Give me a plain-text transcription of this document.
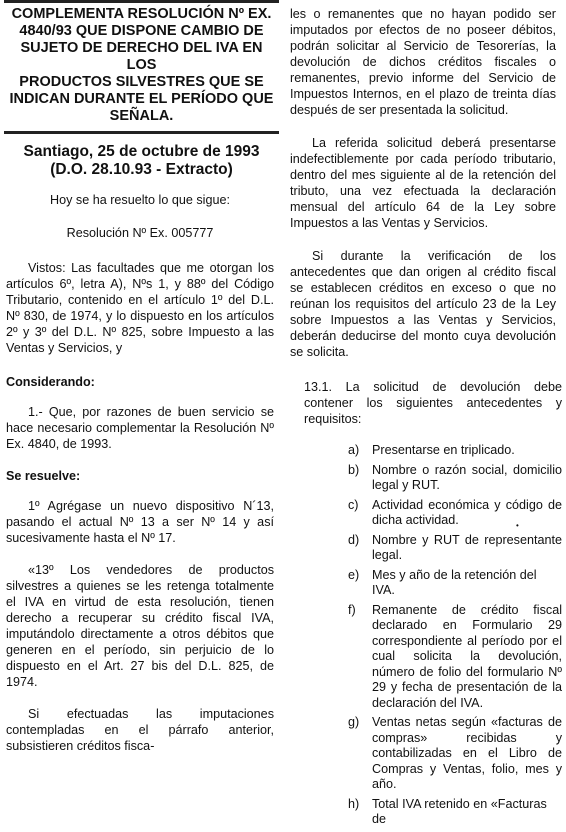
COMPLEMENTA RESOLUCIÓN Nº EX.
4840/93 QUE DISPONE CAMBIO DE
SUJETO DE DERECHO DEL IVA EN LOS
PRODUCTOS SILVESTRES QUE SE
INDICAN DURANTE EL PERÍODO QUE
SEÑALA.
Santiago, 25 de octubre de 1993
(D.O. 28.10.93 - Extracto)

Hoy se ha resuelto lo que sigue:

Resolución Nº Ex. 005777

Vistos: Las facultades que me otorgan los artículos 6º, letra A), Nºs 1, y 88º del Código Tributario, contenido en el artículo 1º del D.L. Nº 830, de 1974, y lo dispuesto en los artículos 2º y 3º del D.L. Nº 825, sobre Impuesto a las Ventas y Servicios, y

Considerando:

1.- Que, por razones de buen servicio se hace necesario complementar la Resolución Nº Ex. 4840, de 1993.

Se resuelve:

1º Agrégase un nuevo dispositivo N´13, pasando el actual Nº 13 a ser Nº 14 y así sucesivamente hasta el Nº 17.

«13º Los vendedores de productos silvestres a quienes se les retenga totalmente el IVA en virtud de esta resolución, tienen derecho a recuperar su crédito fiscal IVA, imputándolo directamente a otros débitos que generen en el período, sin perjuicio de lo dispuesto en el Art. 27 bis del D.L. 825, de 1974.

Si efectuadas las imputaciones contempladas en el párrafo anterior, subsistieren créditos fisca-

les o remanentes que no hayan podido ser imputados por efectos de no poseer débitos, podrán solicitar al Servicio de Tesorerías, la devolución de dichos créditos fiscales o remanentes, previo informe del Servicio de Impuestos Internos, en el plazo de treinta días después de ser presentada la solicitud.

La referida solicitud deberá presentarse indefectiblemente por cada período tributario, dentro del mes siguiente al de la retención del tributo, una vez efectuada la declaración mensual del artículo 64 de la Ley sobre Impuestos a las Ventas y Servicios.

Si durante la verificación de los antecedentes que dan origen al crédito fiscal se establecen créditos en exceso o que no reúnan los requisitos del artículo 23 de la Ley sobre Impuestos a las Ventas y Servicios, deberán deducirse del monto cuya devolución se solicita.

13.1. La solicitud de devolución debe contener los siguientes antecedentes y requisitos:

a)	Presentarse en triplicado.
b)	Nombre o razón social, domicilio legal y RUT.
c)	Actividad económica y código de dicha actividad.
d)	Nombre y RUT de representante legal.
e)	Mes y año de la retención del IVA.
f)	Remanente de crédito fiscal declarado en Formulario 29 correspondiente al período por el cual solicita la devolución, número de folio del formulario Nº 29 y fecha de presentación de la declaración del IVA.
g)	Ventas netas según «facturas de compras» recibidas y contabilizadas en el Libro de Compras y Ventas, folio, mes y año.
h)	Total IVA retenido en «Facturas de
•
